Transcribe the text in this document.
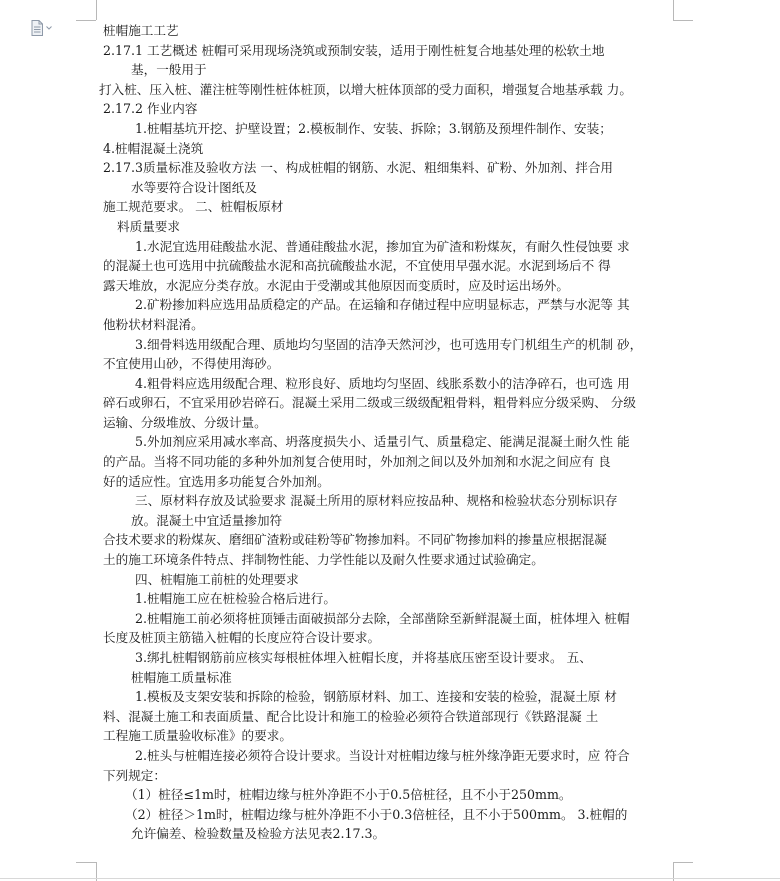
桩帽施工工艺
2.17.1 工艺概述 桩帽可采用现场浇筑或预制安装，适用于刚性桩复合地基处理的松软土地
基，一般用于
打入桩、压入桩、灌注桩等刚性桩体桩顶，以增大桩体顶部的受力面积，增强复合地基承载 力。
2.17.2 作业内容
1.桩帽基坑开挖、护壁设置；2.模板制作、安装、拆除；3.钢筋及预埋件制作、安装；
4.桩帽混凝土浇筑
2.17.3质量标准及验收方法 一、构成桩帽的钢筋、水泥、粗细集料、矿粉、外加剂、拌合用
水等要符合设计图纸及
施工规范要求。 二、桩帽板原材
料质量要求
1.水泥宜选用硅酸盐水泥、普通硅酸盐水泥，掺加宜为矿渣和粉煤灰，有耐久性侵蚀要 求
的混凝土也可选用中抗硫酸盐水泥和高抗硫酸盐水泥，不宜使用早强水泥。水泥到场后不 得
露天堆放，水泥应分类存放。水泥由于受潮或其他原因而变质时，应及时运出场外。
2.矿粉掺加料应选用品质稳定的产品。在运输和存储过程中应明显标志，严禁与水泥等 其
他粉状材料混淆。
3.细骨料选用级配合理、质地均匀坚固的洁净天然河沙，也可选用专门机组生产的机制 砂，
不宜使用山砂，不得使用海砂。
4.粗骨料应选用级配合理、粒形良好、质地均匀坚固、线胀系数小的洁净碎石，也可选 用
碎石或卵石，不宜采用砂岩碎石。混凝土采用二级或三级级配粗骨料，粗骨料应分级采购、 分级
运输、分级堆放、分级计量。
5.外加剂应采用减水率高、坍落度损失小、适量引气、质量稳定、能满足混凝土耐久性 能
的产品。当将不同功能的多种外加剂复合使用时，外加剂之间以及外加剂和水泥之间应有 良
好的适应性。宜选用多功能复合外加剂。
三、原材料存放及试验要求 混凝土所用的原材料应按品种、规格和检验状态分别标识存
放。混凝土中宜适量掺加符
合技术要求的粉煤灰、磨细矿渣粉或硅粉等矿物掺加料。不同矿物掺加料的掺量应根据混凝
土的施工环境条件特点、拌制物性能、力学性能以及耐久性要求通过试验确定。
四、桩帽施工前桩的处理要求
1.桩帽施工应在桩检验合格后进行。
2.桩帽施工前必须将桩顶锤击面破损部分去除，全部凿除至新鲜混凝土面，桩体埋入 桩帽
长度及桩顶主筋锚入桩帽的长度应符合设计要求。
3.绑扎桩帽钢筋前应核实每根桩体埋入桩帽长度，并将基底压密至设计要求。 五、
桩帽施工质量标准
1.模板及支架安装和拆除的检验，钢筋原材料、加工、连接和安装的检验，混凝土原 材
料、混凝土施工和表面质量、配合比设计和施工的检验必须符合铁道部现行《铁路混凝 土
工程施工质量验收标准》的要求。
2.桩头与桩帽连接必须符合设计要求。当设计对桩帽边缘与桩外缘净距无要求时，应 符合
下列规定：
（1）桩径≤1m时，桩帽边缘与桩外净距不小于0.5倍桩径，且不小于250mm。
（2）桩径＞1m时，桩帽边缘与桩外净距不小于0.3倍桩径，且不小于500mm。 3.桩帽的
允许偏差、检验数量及检验方法见表2.17.3。
